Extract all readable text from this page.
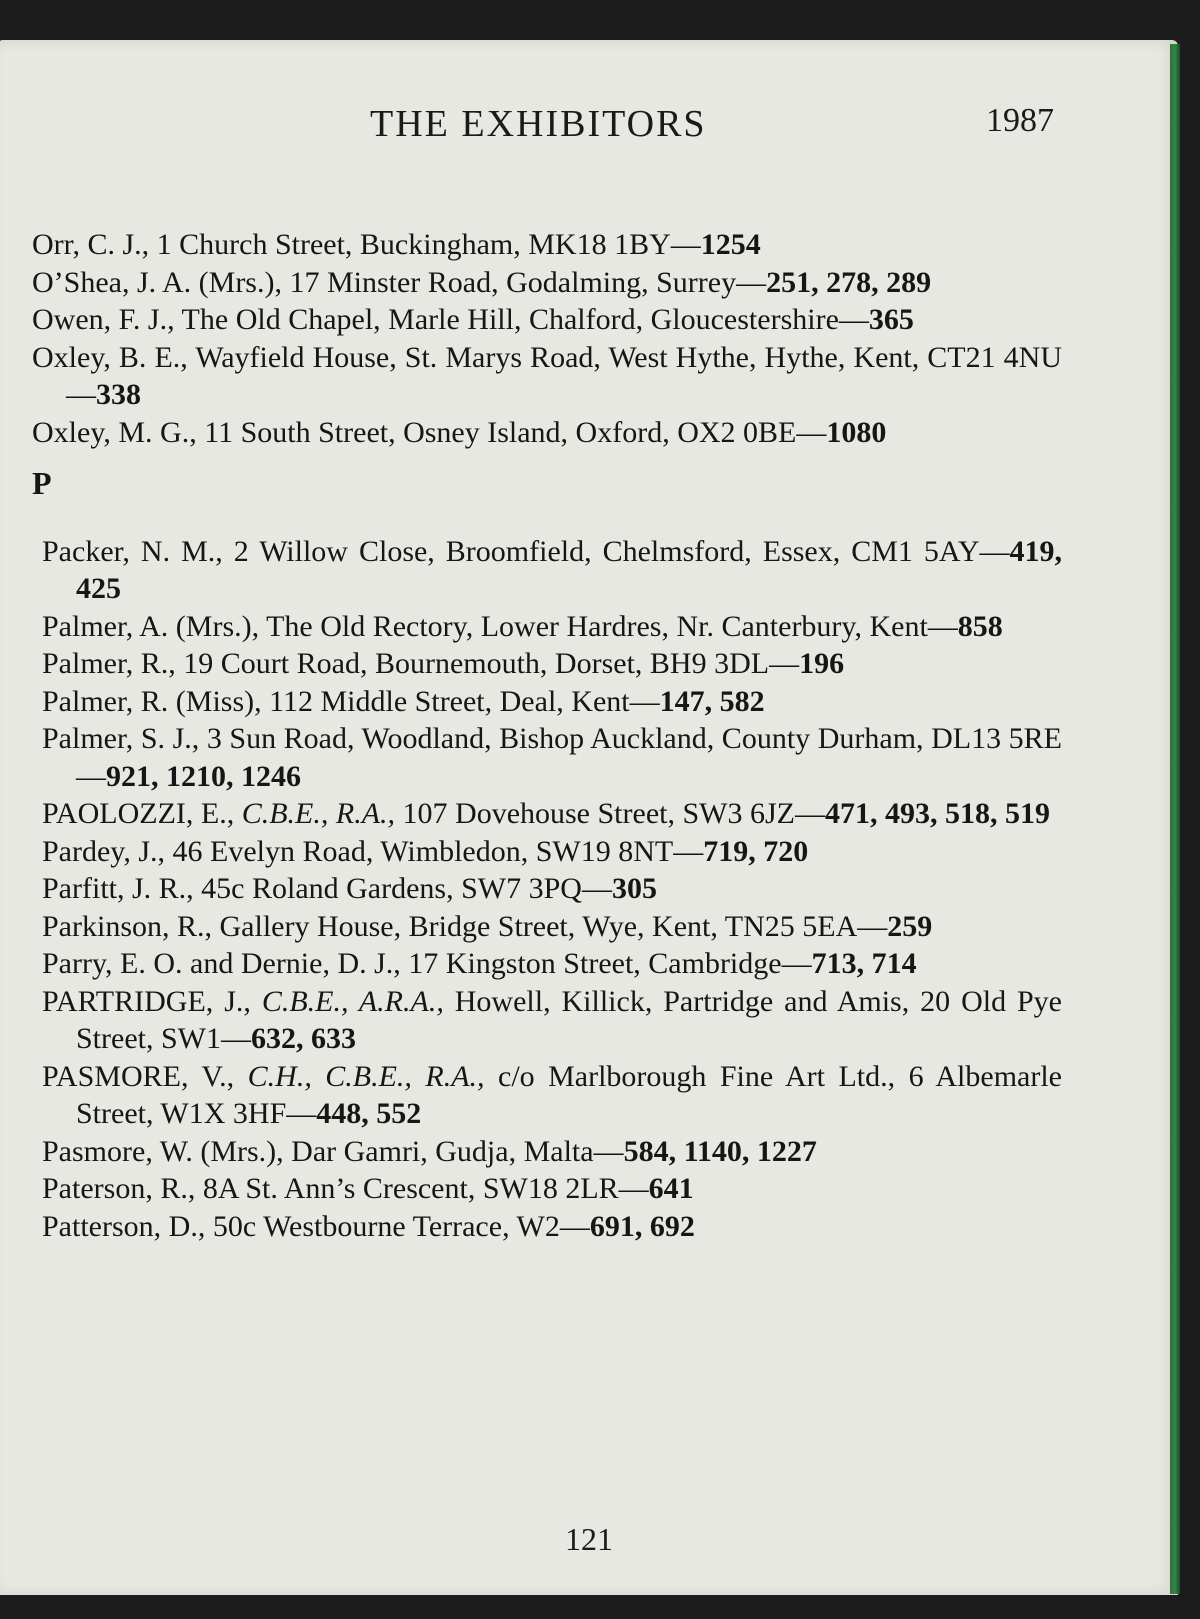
THE EXHIBITORS	1987

Orr, C. J., 1 Church Street, Buckingham, MK18 1BY—1254

O’Shea, J. A. (Mrs.), 17 Minster Road, Godalming, Surrey—251, 278, 289

Owen, F. J., The Old Chapel, Marle Hill, Chalford, Gloucestershire—365

Oxley, B. E., Wayfield House, St. Marys Road, West Hythe, Hythe, Kent, CT21 4NU—338

Oxley, M. G., 11 South Street, Osney Island, Oxford, OX2 0BE—1080

P

Packer, N. M., 2 Willow Close, Broomfield, Chelmsford, Essex, CM1 5AY—419, 425

Palmer, A. (Mrs.), The Old Rectory, Lower Hardres, Nr. Canterbury, Kent—858

Palmer, R., 19 Court Road, Bournemouth, Dorset, BH9 3DL—196

Palmer, R. (Miss), 112 Middle Street, Deal, Kent—147, 582

Palmer, S. J., 3 Sun Road, Woodland, Bishop Auckland, County Durham, DL13 5RE—921, 1210, 1246

PAOLOZZI, E., C.B.E., R.A., 107 Dovehouse Street, SW3 6JZ—471, 493, 518, 519

Pardey, J., 46 Evelyn Road, Wimbledon, SW19 8NT—719, 720

Parfitt, J. R., 45c Roland Gardens, SW7 3PQ—305

Parkinson, R., Gallery House, Bridge Street, Wye, Kent, TN25 5EA—259

Parry, E. O. and Dernie, D. J., 17 Kingston Street, Cambridge—713, 714

PARTRIDGE, J., C.B.E., A.R.A., Howell, Killick, Partridge and Amis, 20 Old Pye Street, SW1—632, 633

PASMORE, V., C.H., C.B.E., R.A., c/o Marlborough Fine Art Ltd., 6 Albemarle Street, W1X 3HF—448, 552

Pasmore, W. (Mrs.), Dar Gamri, Gudja, Malta—584, 1140, 1227

Paterson, R., 8A St. Ann’s Crescent, SW18 2LR—641

Patterson, D., 50c Westbourne Terrace, W2—691, 692

121
